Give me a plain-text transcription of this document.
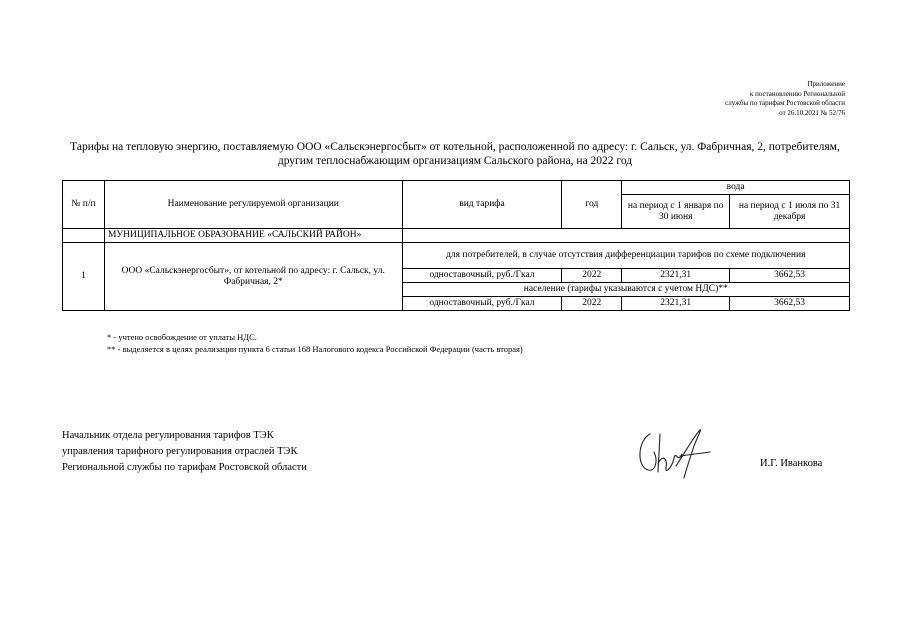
Приложение
к постановлению Региональной
службы по тарифам Ростовской области
от 26.10.2021 № 52/76
Тарифы на тепловую энергию, поставляемую ООО «Сальскэнергосбыт» от котельной, расположенной по адресу: г. Сальск, ул. Фабричная, 2, потребителям,
другим теплоснабжающим организациям Сальского района, на 2022 год
№ п/п	Наименование регулируемой организации	вид тарифа	год	вода	
				на период с 1 января по 30 июня	на период с 1 июля по 31 декабря
	МУНИЦИПАЛЬНОЕ ОБРАЗОВАНИЕ «САЛЬСКИЙ РАЙОН»				
1	ООО «Сальскэнергосбыт», от котельной по адресу: г. Сальск, ул. Фабричная, 2*	для потребителей, в случае отсутствия дифференциации тарифов по схеме подключения			
		одноставочный, руб./Гкал	2022	2321,31	3662,53
		население (тарифы указываются с учетом НДС)**			
		одноставочный, руб./Гкал	2022	2321,31	3662,53
* - учтено освобождение от уплаты НДС.
** - выделяется в целях реализации пункта 6 статьи 168 Налогового кодекса Российской Федерации (часть вторая)
Начальник отдела регулирования тарифов ТЭК
управления тарифного регулирования отраслей ТЭК
Региональной службы по тарифам Ростовской области	И.Г. Иванкова
